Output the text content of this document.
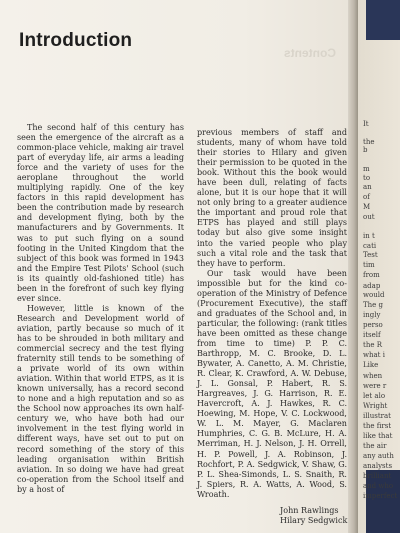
Introduction
Contents

The second half of this century has seen the emergence of the aircraft as a common-place vehicle, making air travel part of everyday life, air arms a leading force and the variety of uses for the aeroplane throughout the world multiplying rapidly. One of the key factors in this rapid development has been the contribution made by research and development flying, both by the manufacturers and by Governments. It was to put such flying on a sound footing in the United Kingdom that the subject of this book was formed in 1943 and the Empire Test Pilots' School (such is its quaintly old-fashioned title) has been in the forefront of such key flying ever since.

However, little is known of the Research and Development world of aviation, partly because so much of it has to be shrouded in both military and commercial secrecy and the test flying fraternity still tends to be something of a private world of its own within aviation. Within that world ETPS, as it is known universally, has a record second to none and a high reputation and so as the School now approaches its own half-century we, who have both had our involvement in the test flying world in different ways, have set out to put on record something of the story of this leading organisation within British aviation. In so doing we have had great co-operation from the School itself and by a host of

previous members of staff and students, many of whom have told their stories to Hilary and given their permission to be quoted in the book. Without this the book would have been dull, relating of facts alone, but it is our hope that it will not only bring to a greater audience the important and proud role that ETPS has played and still plays today but also give some insight into the varied people who play such a vital role and the task that they have to perform.

Our task would have been impossible but for the kind co-operation of the Ministry of Defence (Procurement Executive), the staff and graduates of the School and, in particular, the following: (rank titles have been omitted as these change from time to time) P. P. C. Barthropp, M. C. Brooke, D. L. Bywater, A. Canetto, A. M. Christie, R. Clear, K. Crawford, A. W. Debuse, J. L. Gonsal, P. Habert, R. S. Hargreaves, J. G. Harrison, R. E. Havercroft, A. J. Hawkes, R. C. Hoewing, M. Hope, V. C. Lockwood, W. L. M. Mayer, G. Maclaren Humphries, C. G. B. McLure, H. A. Merriman, H. J. Nelson, J. H. Orrell, H. P. Powell, J. A. Robinson, J. Rochfort, P. A. Sedgwick, V. Shaw, G. P. L. Shea-Simonds, L. S. Snaith, R. J. Spiers, R. A. Watts, A. Wood, S. Wroath.

John Rawlings
Hilary Sedgwick
It
the
b
m
to
an
of
M
out
in t
cati
Test
tim
from
adap
would
The g
ingly
perso
itself
the R
what i
Like
when
were r
let alo
Wright
illustrat
the first
like that
the air
any auth
analysts
brilliant
and who
imperfect
